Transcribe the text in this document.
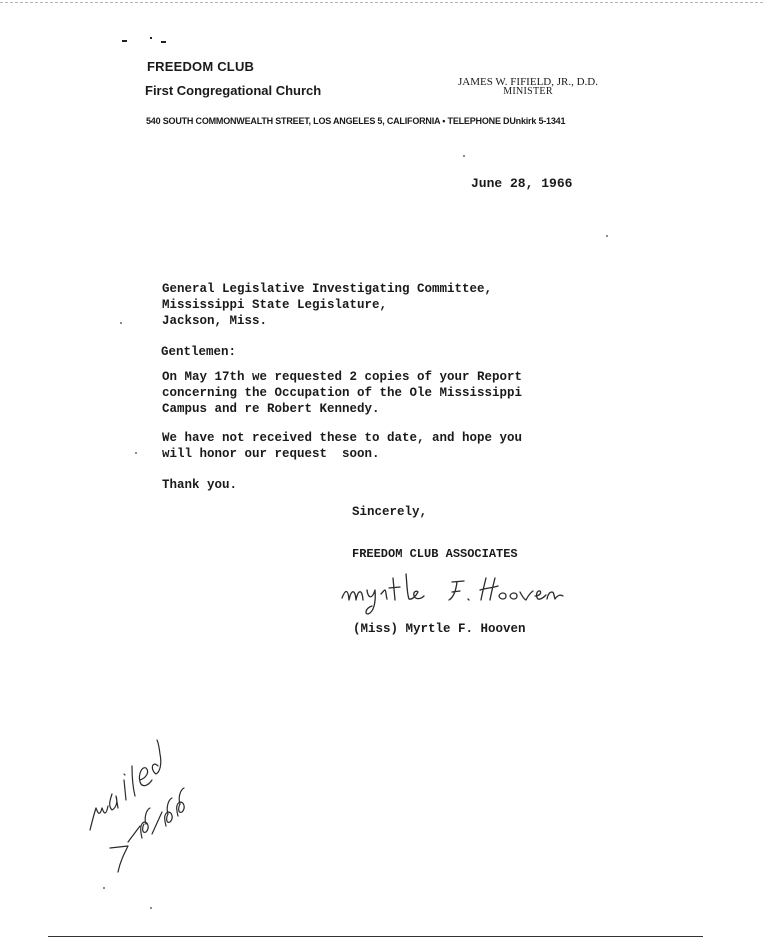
FREEDOM CLUB
First Congregational Church
JAMES W. FIFIELD, JR., D.D.
MINISTER
540 SOUTH COMMONWEALTH STREET, LOS ANGELES 5, CALIFORNIA • TELEPHONE DUnkirk 5-1341
June 28, 1966
General Legislative Investigating Committee,
Mississippi State Legislature,
Jackson, Miss.
Gentlemen:
On May 17th we requested 2 copies of your Report
concerning the Occupation of the Ole Mississippi
Campus and re Robert Kennedy.
We have not received these to date, and hope you
will honor our request  soon.
Thank you.
Sincerely,
FREEDOM CLUB ASSOCIATES
(Miss) Myrtle F. Hooven
